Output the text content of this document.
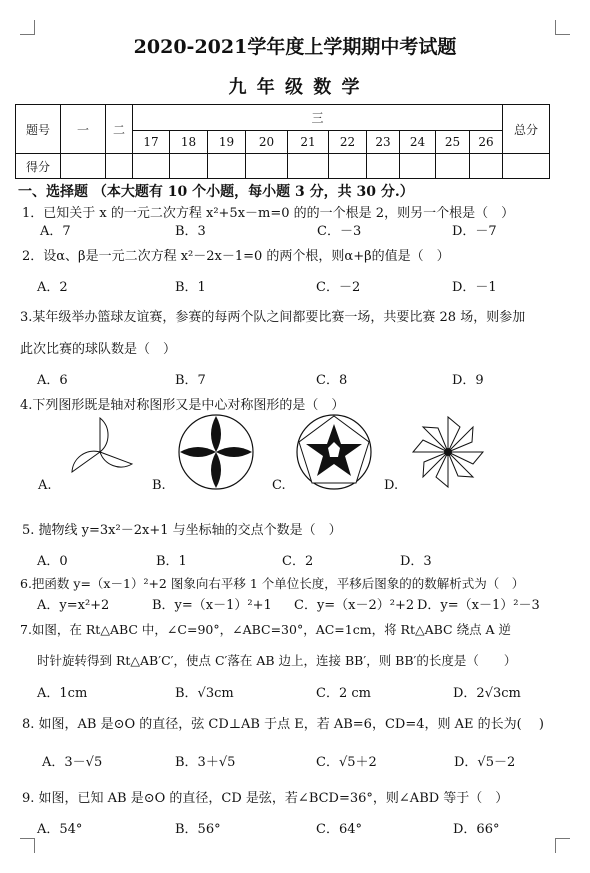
2020-2021学年度上学期期中考试题
九 年 级 数 学
题号	一	二	三										总分
			17	18	19	20	21	22	23	24	25	26	
得分													
一、选择题 （本大题有 10 个小题，每小题 3 分，共 30 分.）
1．已知关于 x 的一元二次方程 x²+5x－m=0 的的一个根是 2，则另一个根是（　）
A．7	B．3	C．－3	D．－7
2．设α、β是一元二次方程 x²－2x－1=0 的两个根，则α+β的值是（　）
A．2	B．1	C．－2	D．－1
3.某年级举办篮球友谊赛，参赛的每两个队之间都要比赛一场，共要比赛 28 场，则参加
此次比赛的球队数是（　）
A．6	B．7	C．8	D．9
4.下列图形既是轴对称图形又是中心对称图形的是（　）
A.	B.	C.	D.
5. 抛物线 y=3x²－2x+1 与坐标轴的交点个数是（　）
A．0	B．1	C．2	D．3
6.把函数 y=（x－1）²+2 图象向右平移 1 个单位长度，平移后图象的的数解析式为（　）
A．y=x²+2	B．y=（x－1）²+1 C．y=（x－2）²+2 D．y=（x－1）²－3
7.如图，在 Rt△ABC 中，∠C=90°，∠ABC=30°，AC=1cm，将 Rt△ABC 绕点 A 逆
时针旋转得到 Rt△AB′C′，使点 C′落在 AB 边上，连接 BB′，则 BB′的长度是（　　）
A．1cm	B．√3cm	C．2 cm	D．2√3cm
8. 如图，AB 是⊙O 的直径，弦 CD⊥AB 于点 E，若 AB=6，CD=4，则 AE 的长为(　 )
A．3－√5	B．3＋√5	C．√5＋2	D．√5－2
9. 如图，已知 AB 是⊙O 的直径，CD 是弦，若∠BCD=36°，则∠ABD 等于（　）
A．54°	B．56°	C．64°	D．66°
